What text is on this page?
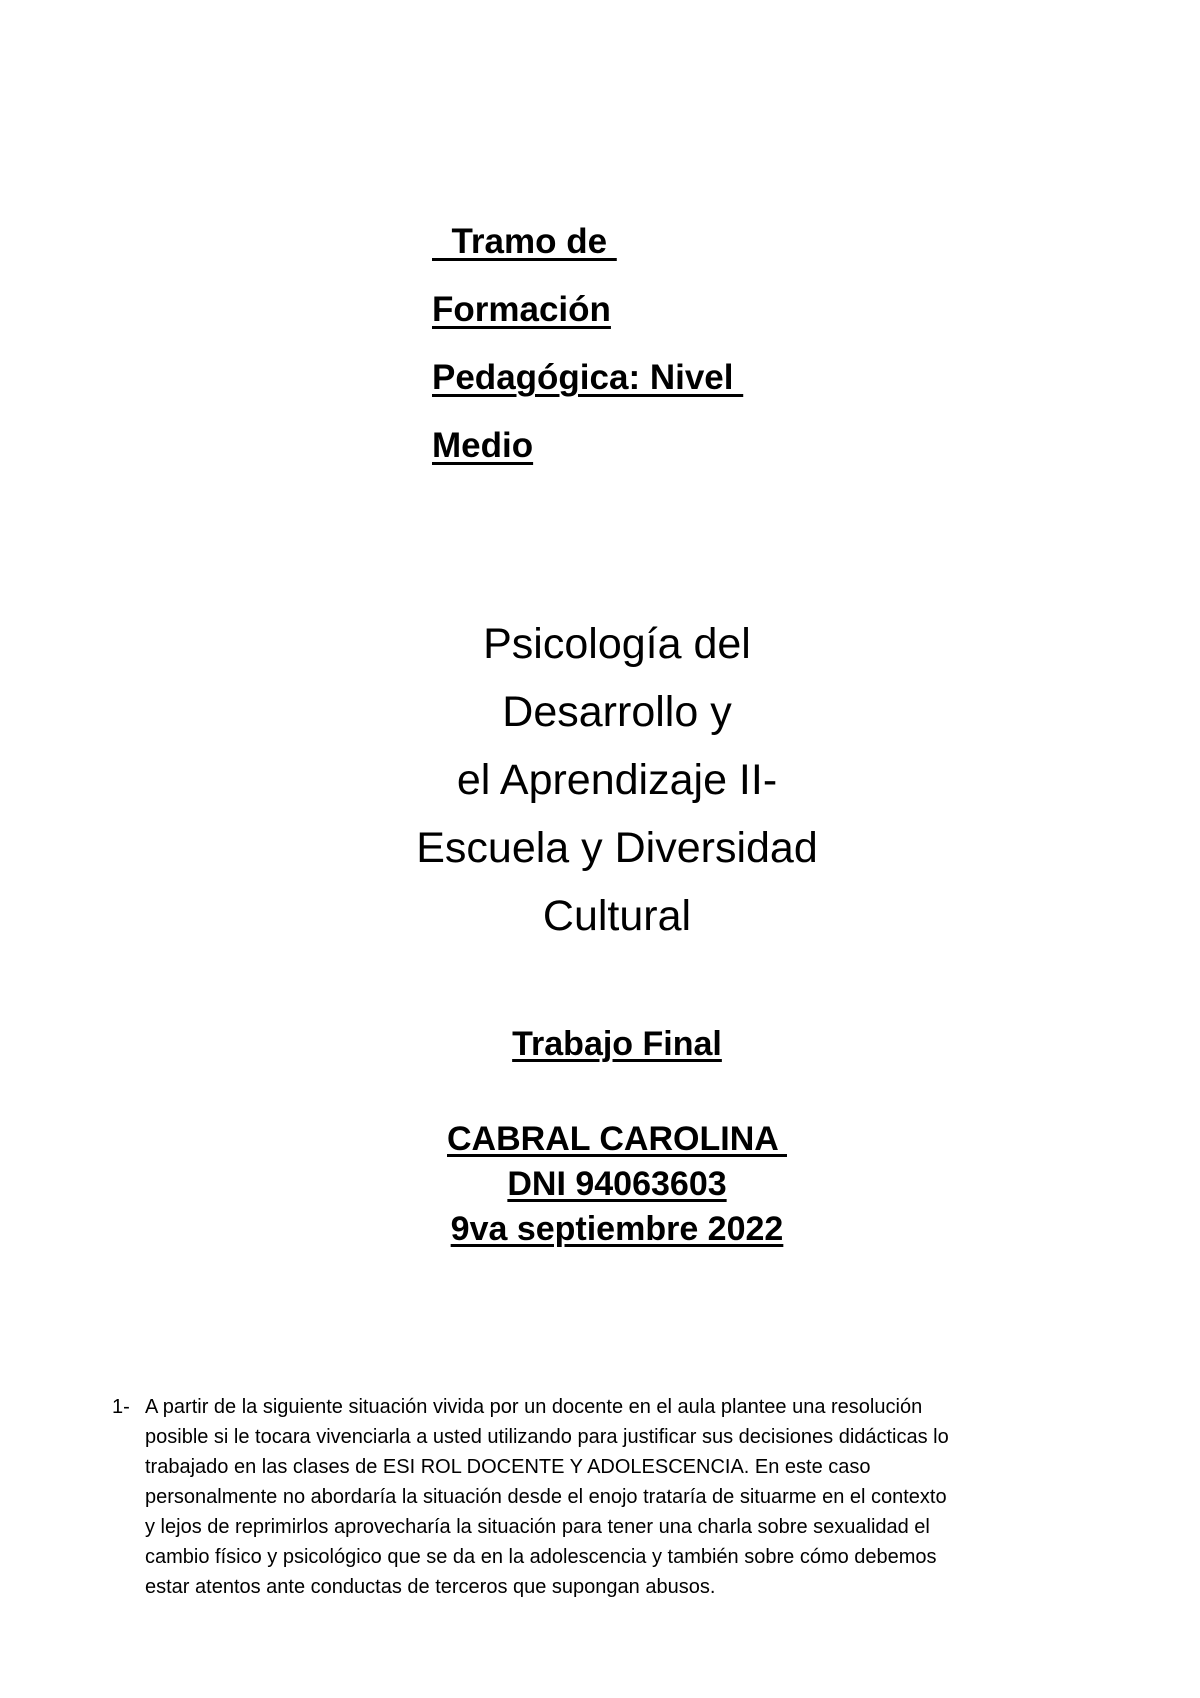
Tramo de
Formación
Pedagógica: Nivel
Medio
Psicología del
Desarrollo y
el Aprendizaje II-
Escuela y Diversidad
Cultural
Trabajo Final
CABRAL CAROLINA
DNI 94063603
9va septiembre 2022
1- A partir de la siguiente situación vivida por un docente en el aula plantee una resolución
posible si le tocara vivenciarla a usted utilizando para justificar sus decisiones didácticas lo
trabajado en las clases de ESI ROL DOCENTE Y ADOLESCENCIA. En este caso
personalmente no abordaría la situación desde el enojo trataría de situarme en el contexto
y lejos de reprimirlos aprovecharía la situación para tener una charla sobre sexualidad el
cambio físico y psicológico que se da en la adolescencia y también sobre cómo debemos
estar atentos ante conductas de terceros que supongan abusos.
